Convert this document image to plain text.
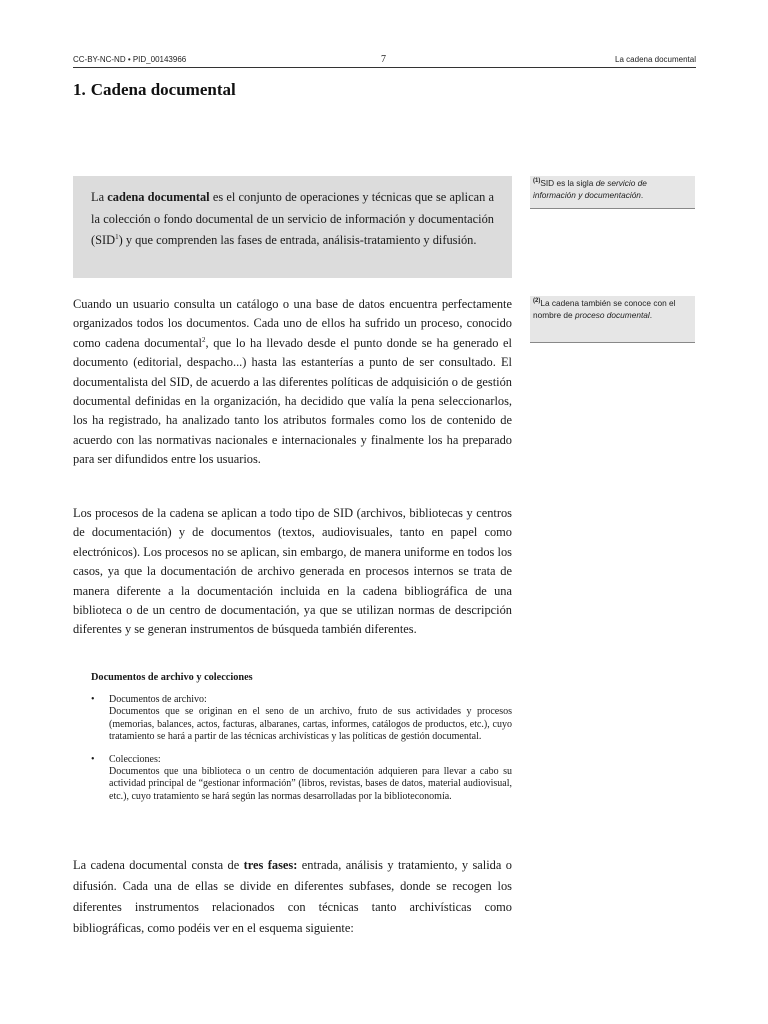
CC-BY-NC-ND • PID_00143966	7	La cadena documental
1. Cadena documental
La cadena documental es el conjunto de operaciones y técnicas que se aplican a la colección o fondo documental de un servicio de información y documentación (SID$^1$) y que comprenden las fases de entrada, análisis-tratamiento y difusión.
$^{(1)}$SID es la sigla de servicio de información y documentación.
$^{(2)}$La cadena también se conoce con el nombre de proceso documental.

Cuando un usuario consulta un catálogo o una base de datos encuentra perfectamente organizados todos los documentos. Cada uno de ellos ha sufrido un proceso, conocido como cadena documental$^2$, que lo ha llevado desde el punto donde se ha generado el documento (editorial, despacho...) hasta las estanterías a punto de ser consultado. El documentalista del SID, de acuerdo a las diferentes políticas de adquisición o de gestión documental definidas en la organización, ha decidido que valía la pena seleccionarlos, los ha registrado, ha analizado tanto los atributos formales como los de contenido de acuerdo con las normativas nacionales e internacionales y finalmente los ha preparado para ser difundidos entre los usuarios.

Los procesos de la cadena se aplican a todo tipo de SID (archivos, bibliotecas y centros de documentación) y de documentos (textos, audiovisuales, tanto en papel como electrónicos). Los procesos no se aplican, sin embargo, de manera uniforme en todos los casos, ya que la documentación de archivo generada en procesos internos se trata de manera diferente a la documentación incluida en la cadena bibliográfica de una biblioteca o de un centro de documentación, ya que se utilizan normas de descripción diferentes y se generan instrumentos de búsqueda también diferentes.

Documentos de archivo y colecciones
• Documentos de archivo:
Documentos que se originan en el seno de un archivo, fruto de sus actividades y procesos (memorias, balances, actos, facturas, albaranes, cartas, informes, catálogos de productos, etc.), cuyo tratamiento se hará a partir de las técnicas archivísticas y las políticas de gestión documental.
• Colecciones:
Documentos que una biblioteca o un centro de documentación adquieren para llevar a cabo su actividad principal de “gestionar información” (libros, revistas, bases de datos, material audiovisual, etc.), cuyo tratamiento se hará según las normas desarrolladas por la biblioteconomía.

La cadena documental consta de tres fases: entrada, análisis y tratamiento, y salida o difusión. Cada una de ellas se divide en diferentes subfases, donde se recogen los diferentes instrumentos relacionados con técnicas tanto archivísticas como bibliográficas, como podéis ver en el esquema siguiente:
